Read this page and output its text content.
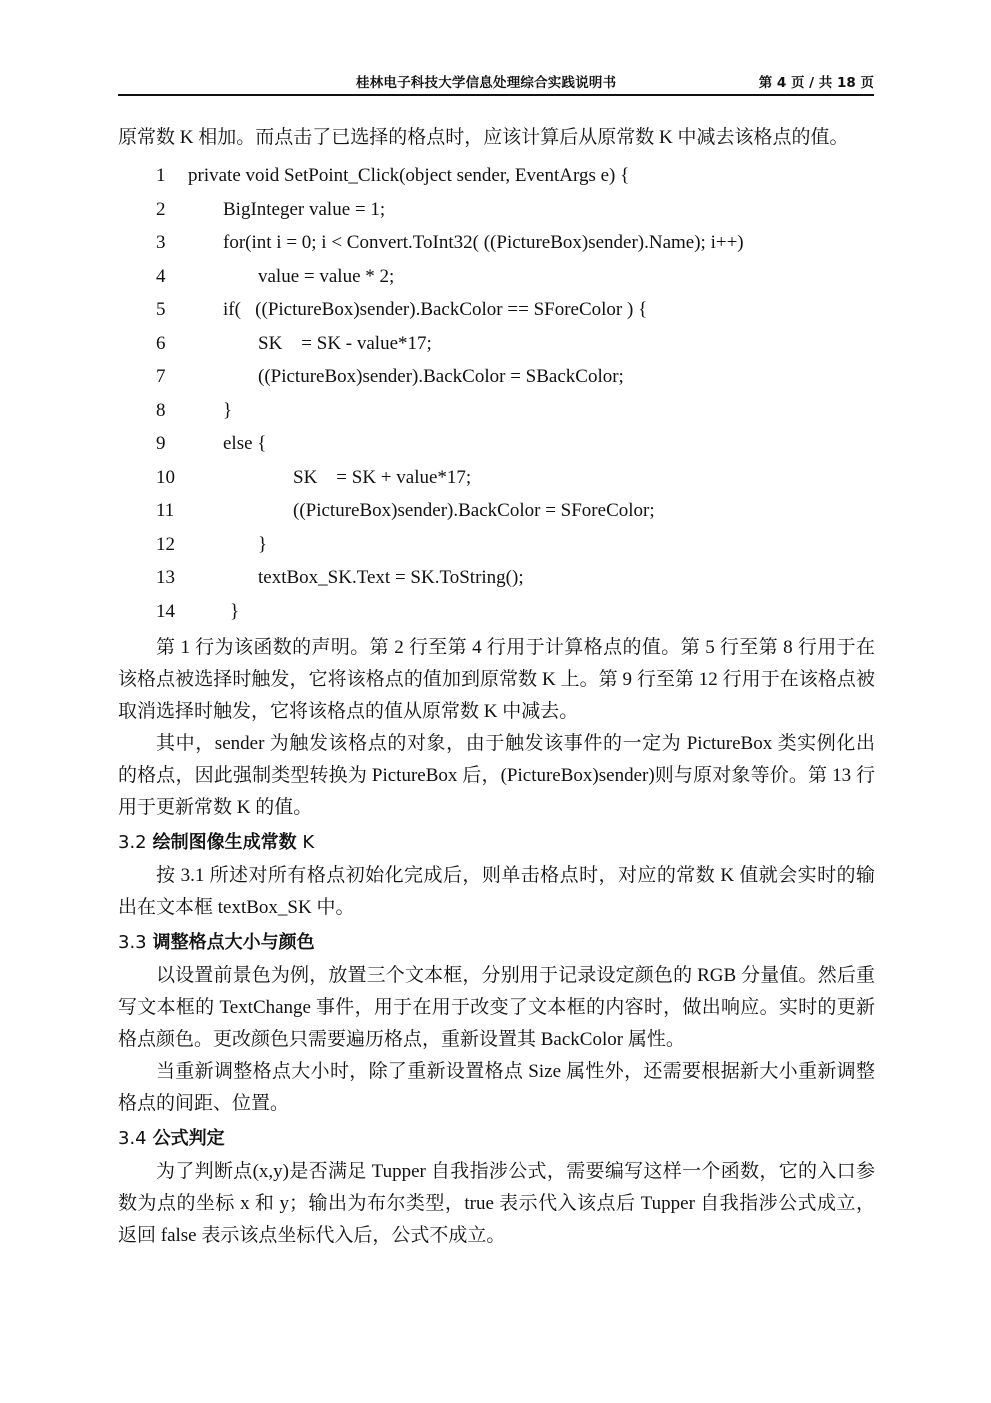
桂林电子科技大学信息处理综合实践说明书	第 4 页 / 共 18 页

原常数 K 相加。而点击了已选择的格点时，应该计算后从原常数 K 中减去该格点的值。

1 private void SetPoint_Click(object sender, EventArgs e) {
2	BigInteger value = 1;
3	for(int i = 0; i < Convert.ToInt32( ((PictureBox)sender).Name); i++)
4	value = value * 2;
5	if(   ((PictureBox)sender).BackColor == SForeColor ) {
6	SK    = SK - value*17;
7	((PictureBox)sender).BackColor = SBackColor;
8	}
9	else {
10	SK    = SK + value*17;
11	((PictureBox)sender).BackColor = SForeColor;
12	}
13	textBox_SK.Text = SK.ToString();
14	}

第 1 行为该函数的声明。第 2 行至第 4 行用于计算格点的值。第 5 行至第 8 行用于在该格点被选择时触发，它将该格点的值加到原常数 K 上。第 9 行至第 12 行用于在该格点被取消选择时触发，它将该格点的值从原常数 K 中减去。

其中，sender 为触发该格点的对象，由于触发该事件的一定为 PictureBox 类实例化出的格点，因此强制类型转换为 PictureBox 后，(PictureBox)sender)则与原对象等价。第 13 行用于更新常数 K 的值。

3.2 绘制图像生成常数 K

按 3.1 所述对所有格点初始化完成后，则单击格点时，对应的常数 K 值就会实时的输出在文本框 textBox_SK 中。

3.3 调整格点大小与颜色

以设置前景色为例，放置三个文本框，分别用于记录设定颜色的 RGB 分量值。然后重写文本框的 TextChange 事件，用于在用于改变了文本框的内容时，做出响应。实时的更新格点颜色。更改颜色只需要遍历格点，重新设置其 BackColor 属性。

当重新调整格点大小时，除了重新设置格点 Size 属性外，还需要根据新大小重新调整格点的间距、位置。

3.4 公式判定

为了判断点(x,y)是否满足 Tupper 自我指涉公式，需要编写这样一个函数，它的入口参数为点的坐标 x 和 y；输出为布尔类型，true 表示代入该点后 Tupper 自我指涉公式成立，返回 false 表示该点坐标代入后，公式不成立。
